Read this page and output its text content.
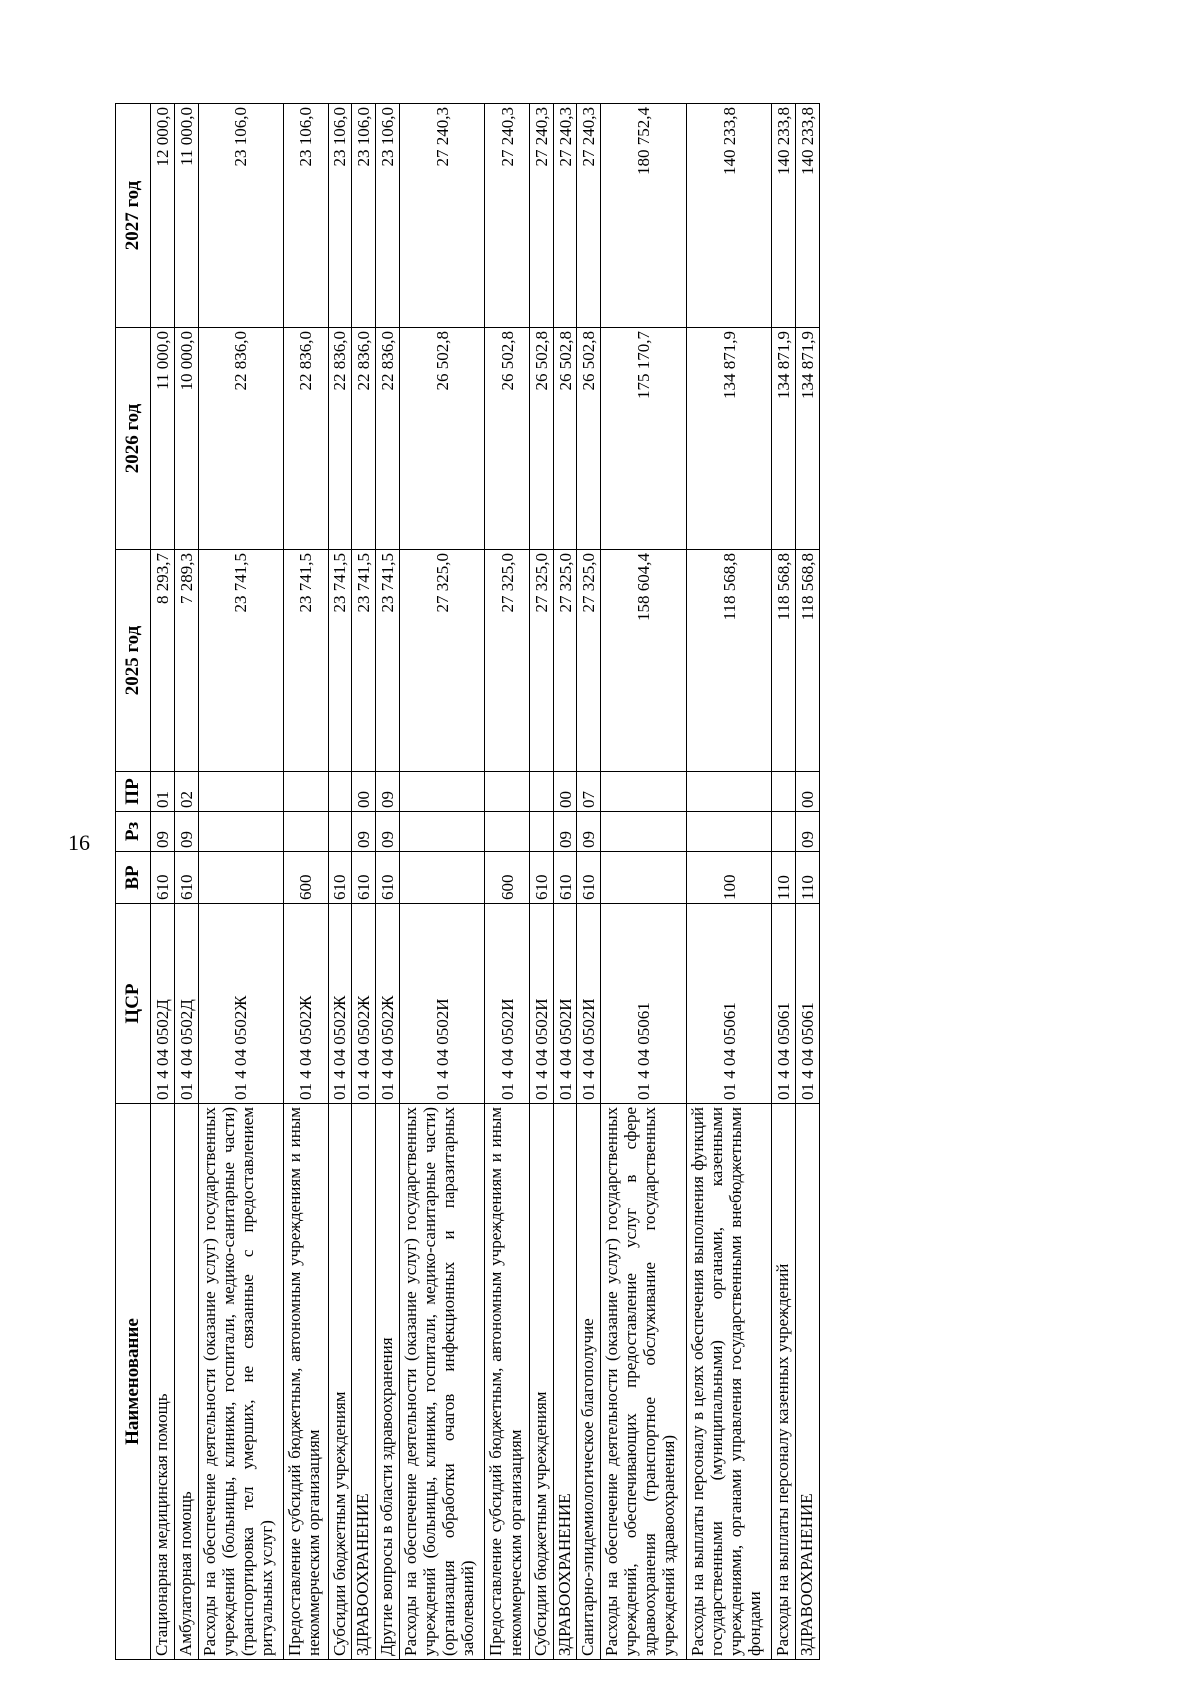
16
Наименование	ЦСР	ВР	Рз	ПР	2025 год	2026 год	2027 год
Стационарная медицинская помощь	01 4 04 0502Д	610	09	01	8 293,7	11 000,0	12 000,0
Амбулаторная помощь	01 4 04 0502Д	610	09	02	7 289,3	10 000,0	11 000,0
Расходы на обеспечение деятельности (оказание услуг) государственных учреждений (больницы, клиники, госпитали, медико-санитарные части) (транспортировка тел умерших, не связанные с предоставлением ритуальных услуг)	01 4 04 0502Ж				23 741,5	22 836,0	23 106,0
Предоставление субсидий бюджетным, автономным учреждениям и иным некоммерческим организациям	01 4 04 0502Ж	600			23 741,5	22 836,0	23 106,0
Субсидии бюджетным учреждениям	01 4 04 0502Ж	610			23 741,5	22 836,0	23 106,0
ЗДРАВООХРАНЕНИЕ	01 4 04 0502Ж	610	09	00	23 741,5	22 836,0	23 106,0
Другие вопросы в области здравоохранения	01 4 04 0502Ж	610	09	09	23 741,5	22 836,0	23 106,0
Расходы на обеспечение деятельности (оказание услуг) государственных учреждений (больницы, клиники, госпитали, медико-санитарные части) (организация обработки очагов инфекционных и паразитарных заболеваний)	01 4 04 0502И				27 325,0	26 502,8	27 240,3
Предоставление субсидий бюджетным, автономным учреждениям и иным некоммерческим организациям	01 4 04 0502И	600			27 325,0	26 502,8	27 240,3
Субсидии бюджетным учреждениям	01 4 04 0502И	610			27 325,0	26 502,8	27 240,3
ЗДРАВООХРАНЕНИЕ	01 4 04 0502И	610	09	00	27 325,0	26 502,8	27 240,3
Санитарно-эпидемиологическое благополучие	01 4 04 0502И	610	09	07	27 325,0	26 502,8	27 240,3
Расходы на обеспечение деятельности (оказание услуг) государственных учреждений, обеспечивающих предоставление услуг в сфере здравоохранения (транспортное обслуживание государственных учреждений здравоохранения)	01 4 04 05061				158 604,4	175 170,7	180 752,4
Расходы на выплаты персоналу в целях обеспечения выполнения функций государственными (муниципальными) органами, казенными учреждениями, органами управления государственными внебюджетными фондами	01 4 04 05061	100			118 568,8	134 871,9	140 233,8
Расходы на выплаты персоналу казенных учреждений	01 4 04 05061	110			118 568,8	134 871,9	140 233,8
ЗДРАВООХРАНЕНИЕ	01 4 04 05061	110	09	00	118 568,8	134 871,9	140 233,8
